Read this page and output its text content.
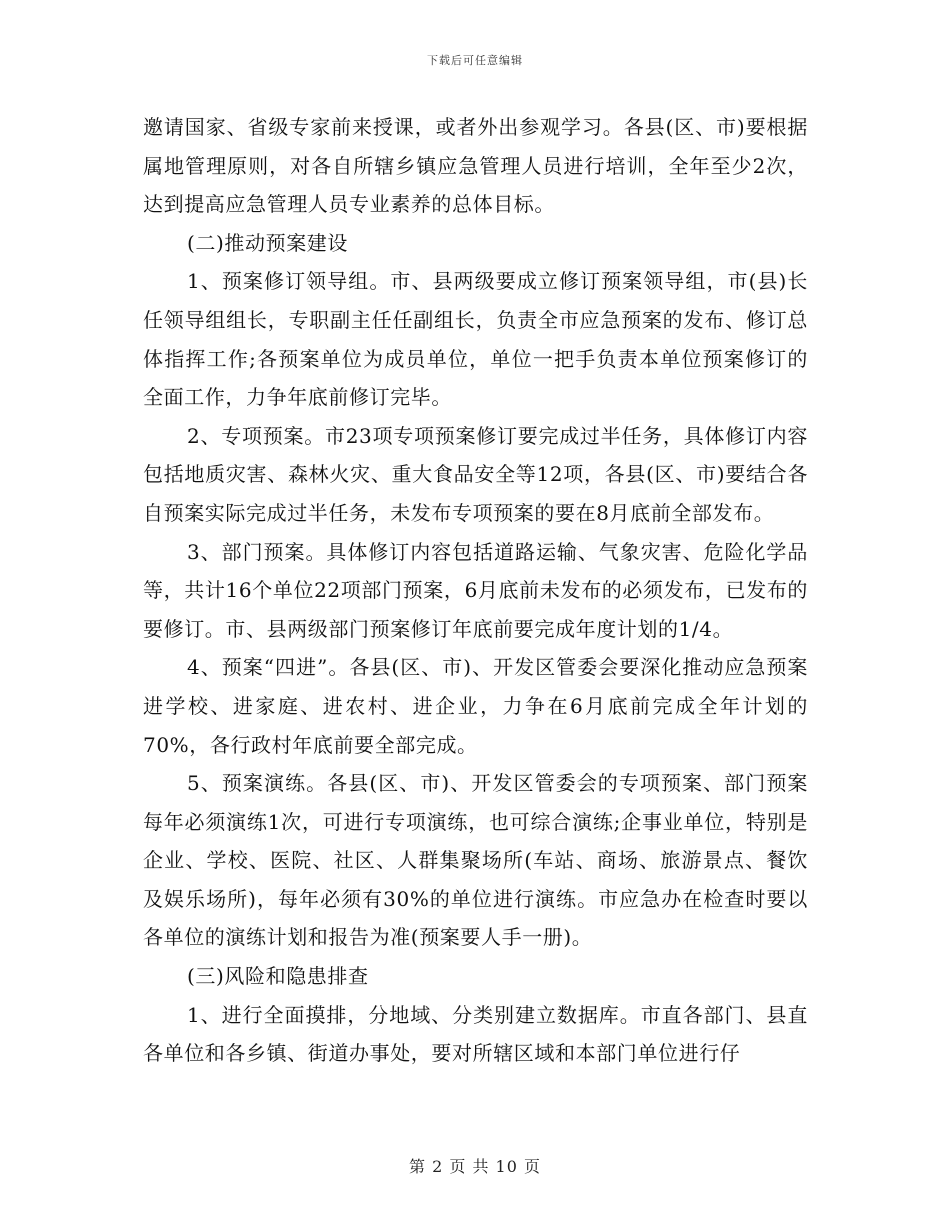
下载后可任意编辑

邀请国家、省级专家前来授课，或者外出参观学习。各县(区、市)要根据属地管理原则，对各自所辖乡镇应急管理人员进行培训，全年至少2次，达到提高应急管理人员专业素养的总体目标。

(二)推动预案建设

1、预案修订领导组。市、县两级要成立修订预案领导组，市(县)长任领导组组长，专职副主任任副组长，负责全市应急预案的发布、修订总体指挥工作;各预案单位为成员单位，单位一把手负责本单位预案修订的全面工作，力争年底前修订完毕。

2、专项预案。市23项专项预案修订要完成过半任务，具体修订内容包括地质灾害、森林火灾、重大食品安全等12项，各县(区、市)要结合各自预案实际完成过半任务，未发布专项预案的要在8月底前全部发布。

3、部门预案。具体修订内容包括道路运输、气象灾害、危险化学品等，共计16个单位22项部门预案，6月底前未发布的必须发布，已发布的要修订。市、县两级部门预案修订年底前要完成年度计划的1/4。

4、预案“四进”。各县(区、市)、开发区管委会要深化推动应急预案进学校、进家庭、进农村、进企业，力争在6月底前完成全年计划的70%，各行政村年底前要全部完成。

5、预案演练。各县(区、市)、开发区管委会的专项预案、部门预案每年必须演练1次，可进行专项演练，也可综合演练;企事业单位，特别是企业、学校、医院、社区、人群集聚场所(车站、商场、旅游景点、餐饮及娱乐场所)，每年必须有30%的单位进行演练。市应急办在检查时要以各单位的演练计划和报告为准(预案要人手一册)。

(三)风险和隐患排查

1、进行全面摸排，分地域、分类别建立数据库。市直各部门、县直各单位和各乡镇、街道办事处，要对所辖区域和本部门单位进行仔

第 2 页 共 10 页
